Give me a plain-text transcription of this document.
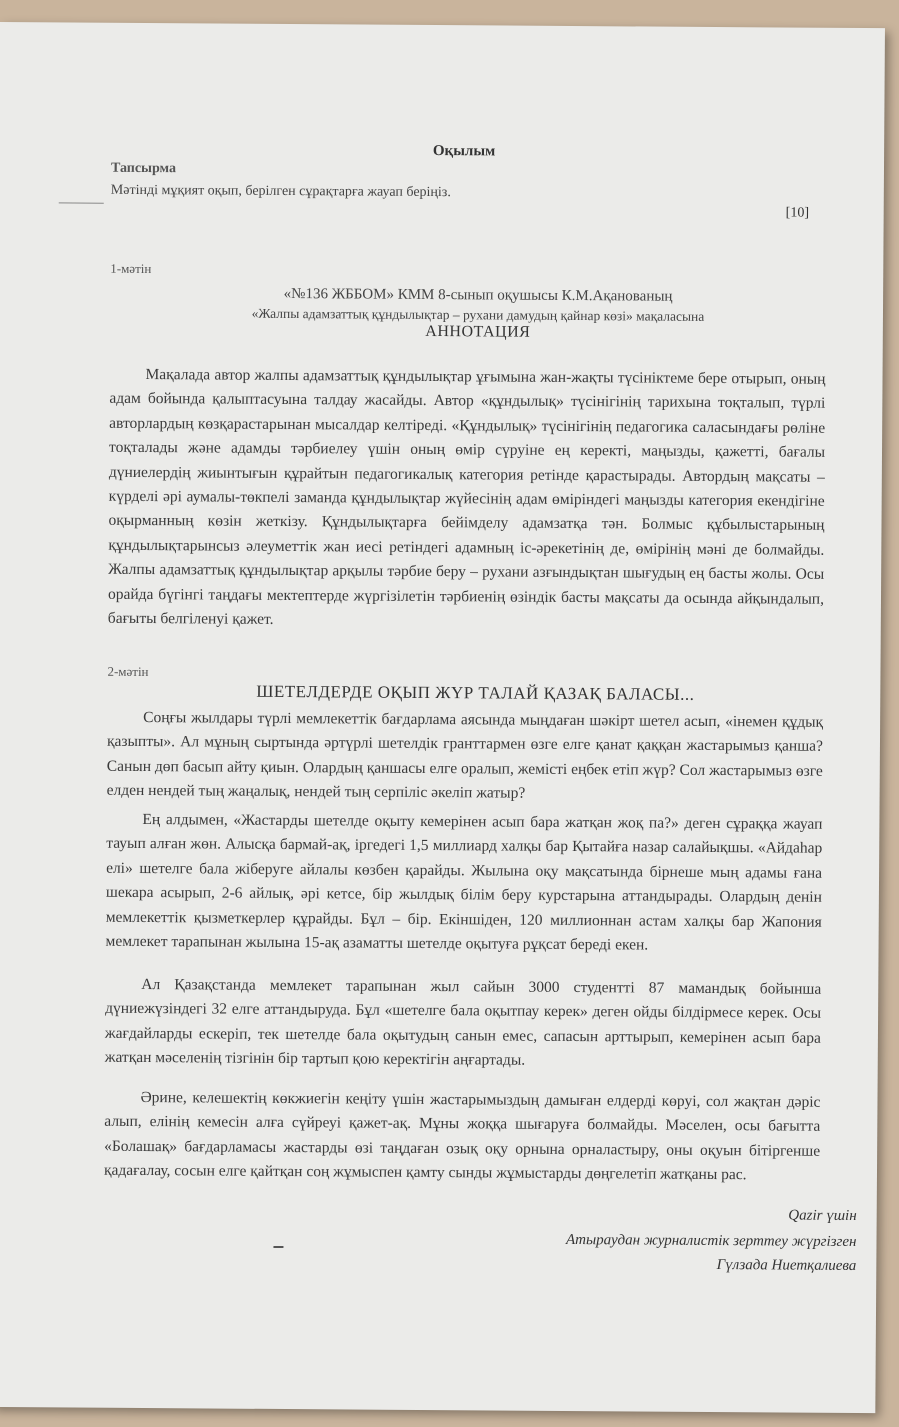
Оқылым
Тапсырма
Мәтінді мұқият оқып, берілген сұрақтарға жауап беріңіз.
[10]
1-мәтін
«№136 ЖББОМ» КММ 8-сынып оқушысы К.М.Ақанованың
«Жалпы адамзаттық құндылықтар – рухани дамудың қайнар көзі» мақаласына
АННОТАЦИЯ

Мақалада автор жалпы адамзаттық құндылықтар ұғымына жан-жақты түсініктеме бере отырып, оның адам бойында қалыптасуына талдау жасайды. Автор «құндылық» түсінігінің тарихына тоқталып, түрлі авторлардың көзқарастарынан мысалдар келтіреді. «Құндылық» түсінігінің педагогика саласындағы рөліне тоқталады және адамды тәрбиелеу үшін оның өмір сүруіне ең керекті, маңызды, қажетті, бағалы дүниелердің жиынтығын құрайтын педагогикалық категория ретінде қарастырады. Автордың мақсаты – күрделі әрі аумалы-төкпелі заманда құндылықтар жүйесінің адам өміріндегі маңызды категория екендігіне оқырманның көзін жеткізу. Құндылықтарға бейімделу адамзатқа тән. Болмыс құбылыстарының құндылықтарынсыз әлеуметтік жан иесі ретіндегі адамның іс-әрекетінің де, өмірінің мәні де болмайды. Жалпы адамзаттық құндылықтар арқылы тәрбие беру – рухани азғындықтан шығудың ең басты жолы. Осы орайда бүгінгі таңдағы мектептерде жүргізілетін тәрбиенің өзіндік басты мақсаты да осында айқындалып, бағыты белгіленуі қажет.

2-мәтін
ШЕТЕЛДЕРДЕ ОҚЫП ЖҮР ТАЛАЙ ҚАЗАҚ БАЛАСЫ...

Соңғы жылдары түрлі мемлекеттік бағдарлама аясында мыңдаған шәкірт шетел асып, «інемен құдық қазыпты». Ал мұның сыртында әртүрлі шетелдік гранттармен өзге елге қанат қаққан жастарымыз қанша? Санын дөп басып айту қиын. Олардың қаншасы елге оралып, жемісті еңбек етіп жүр? Сол жастарымыз өзге елден нендей тың жаңалық, нендей тың серпіліс әкеліп жатыр?

Ең алдымен, «Жастарды шетелде оқыту кемерінен асып бара жатқан жоқ па?» деген сұраққа жауап тауып алған жөн. Алысқа бармай-ақ, іргедегі 1,5 миллиард халқы бар Қытайға назар салайықшы. «Айдаһар елі» шетелге бала жіберуге айлалы көзбен қарайды. Жылына оқу мақсатында бірнеше мың адамы ғана шекара асырып, 2-6 айлық, әрі кетсе, бір жылдық білім беру курстарына аттандырады. Олардың денін мемлекеттік қызметкерлер құрайды. Бұл – бір. Екіншіден, 120 миллионнан астам халқы бар Жапония мемлекет тарапынан жылына 15-ақ азаматты шетелде оқытуға рұқсат береді екен.

Ал Қазақстанда мемлекет тарапынан жыл сайын 3000 студентті 87 мамандық бойынша дүниежүзіндегі 32 елге аттандыруда. Бұл «шетелге бала оқытпау керек» деген ойды білдірмесе керек. Осы жағдайларды ескеріп, тек шетелде бала оқытудың санын емес, сапасын арттырып, кемерінен асып бара жатқан мәселенің тізгінін бір тартып қою керектігін аңғартады.

Әрине, келешектің көкжиегін кеңіту үшін жастарымыздың дамыған елдерді көруі, сол жақтан дәріс алып, елінің кемесін алға сүйреуі қажет-ақ. Мұны жоққа шығаруға болмайды. Мәселен, осы бағытта «Болашақ» бағдарламасы жастарды өзі таңдаған озық оқу орнына орналастыру, оны оқуын бітіргенше қадағалау, сосын елге қайтқан соң жұмыспен қамту сынды жұмыстарды дөңгелетіп жатқаны рас.

Qazir үшін
Атыраудан журналистік зерттеу жүргізген
Гүлзада Ниетқалиева
